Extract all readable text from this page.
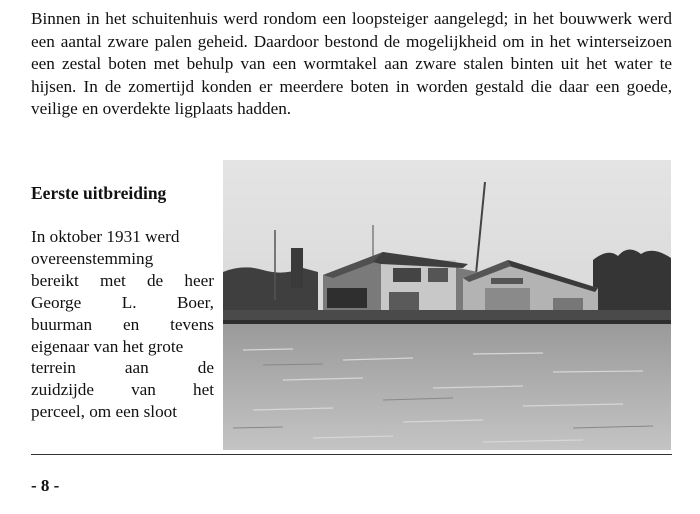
Binnen in het schuitenhuis werd rondom een loopsteiger aangelegd; in het bouwwerk werd een aantal zware palen geheid. Daardoor bestond de mogelijkheid om in het winterseizoen een zestal boten met behulp van een wormtakel aan zware stalen binten uit het water te hijsen. In de zomertijd konden er meerdere boten in worden gestald die daar een goede, veilige en overdekte ligplaats hadden.

Eerste uitbreiding
In oktober 1931 werd
overeenstemming
bereikt met de heer
George L. Boer,
buurman en tevens
eigenaar van het grote
terrein	aan	de
zuidzijde van het
perceel, om een sloot
- 8 -
